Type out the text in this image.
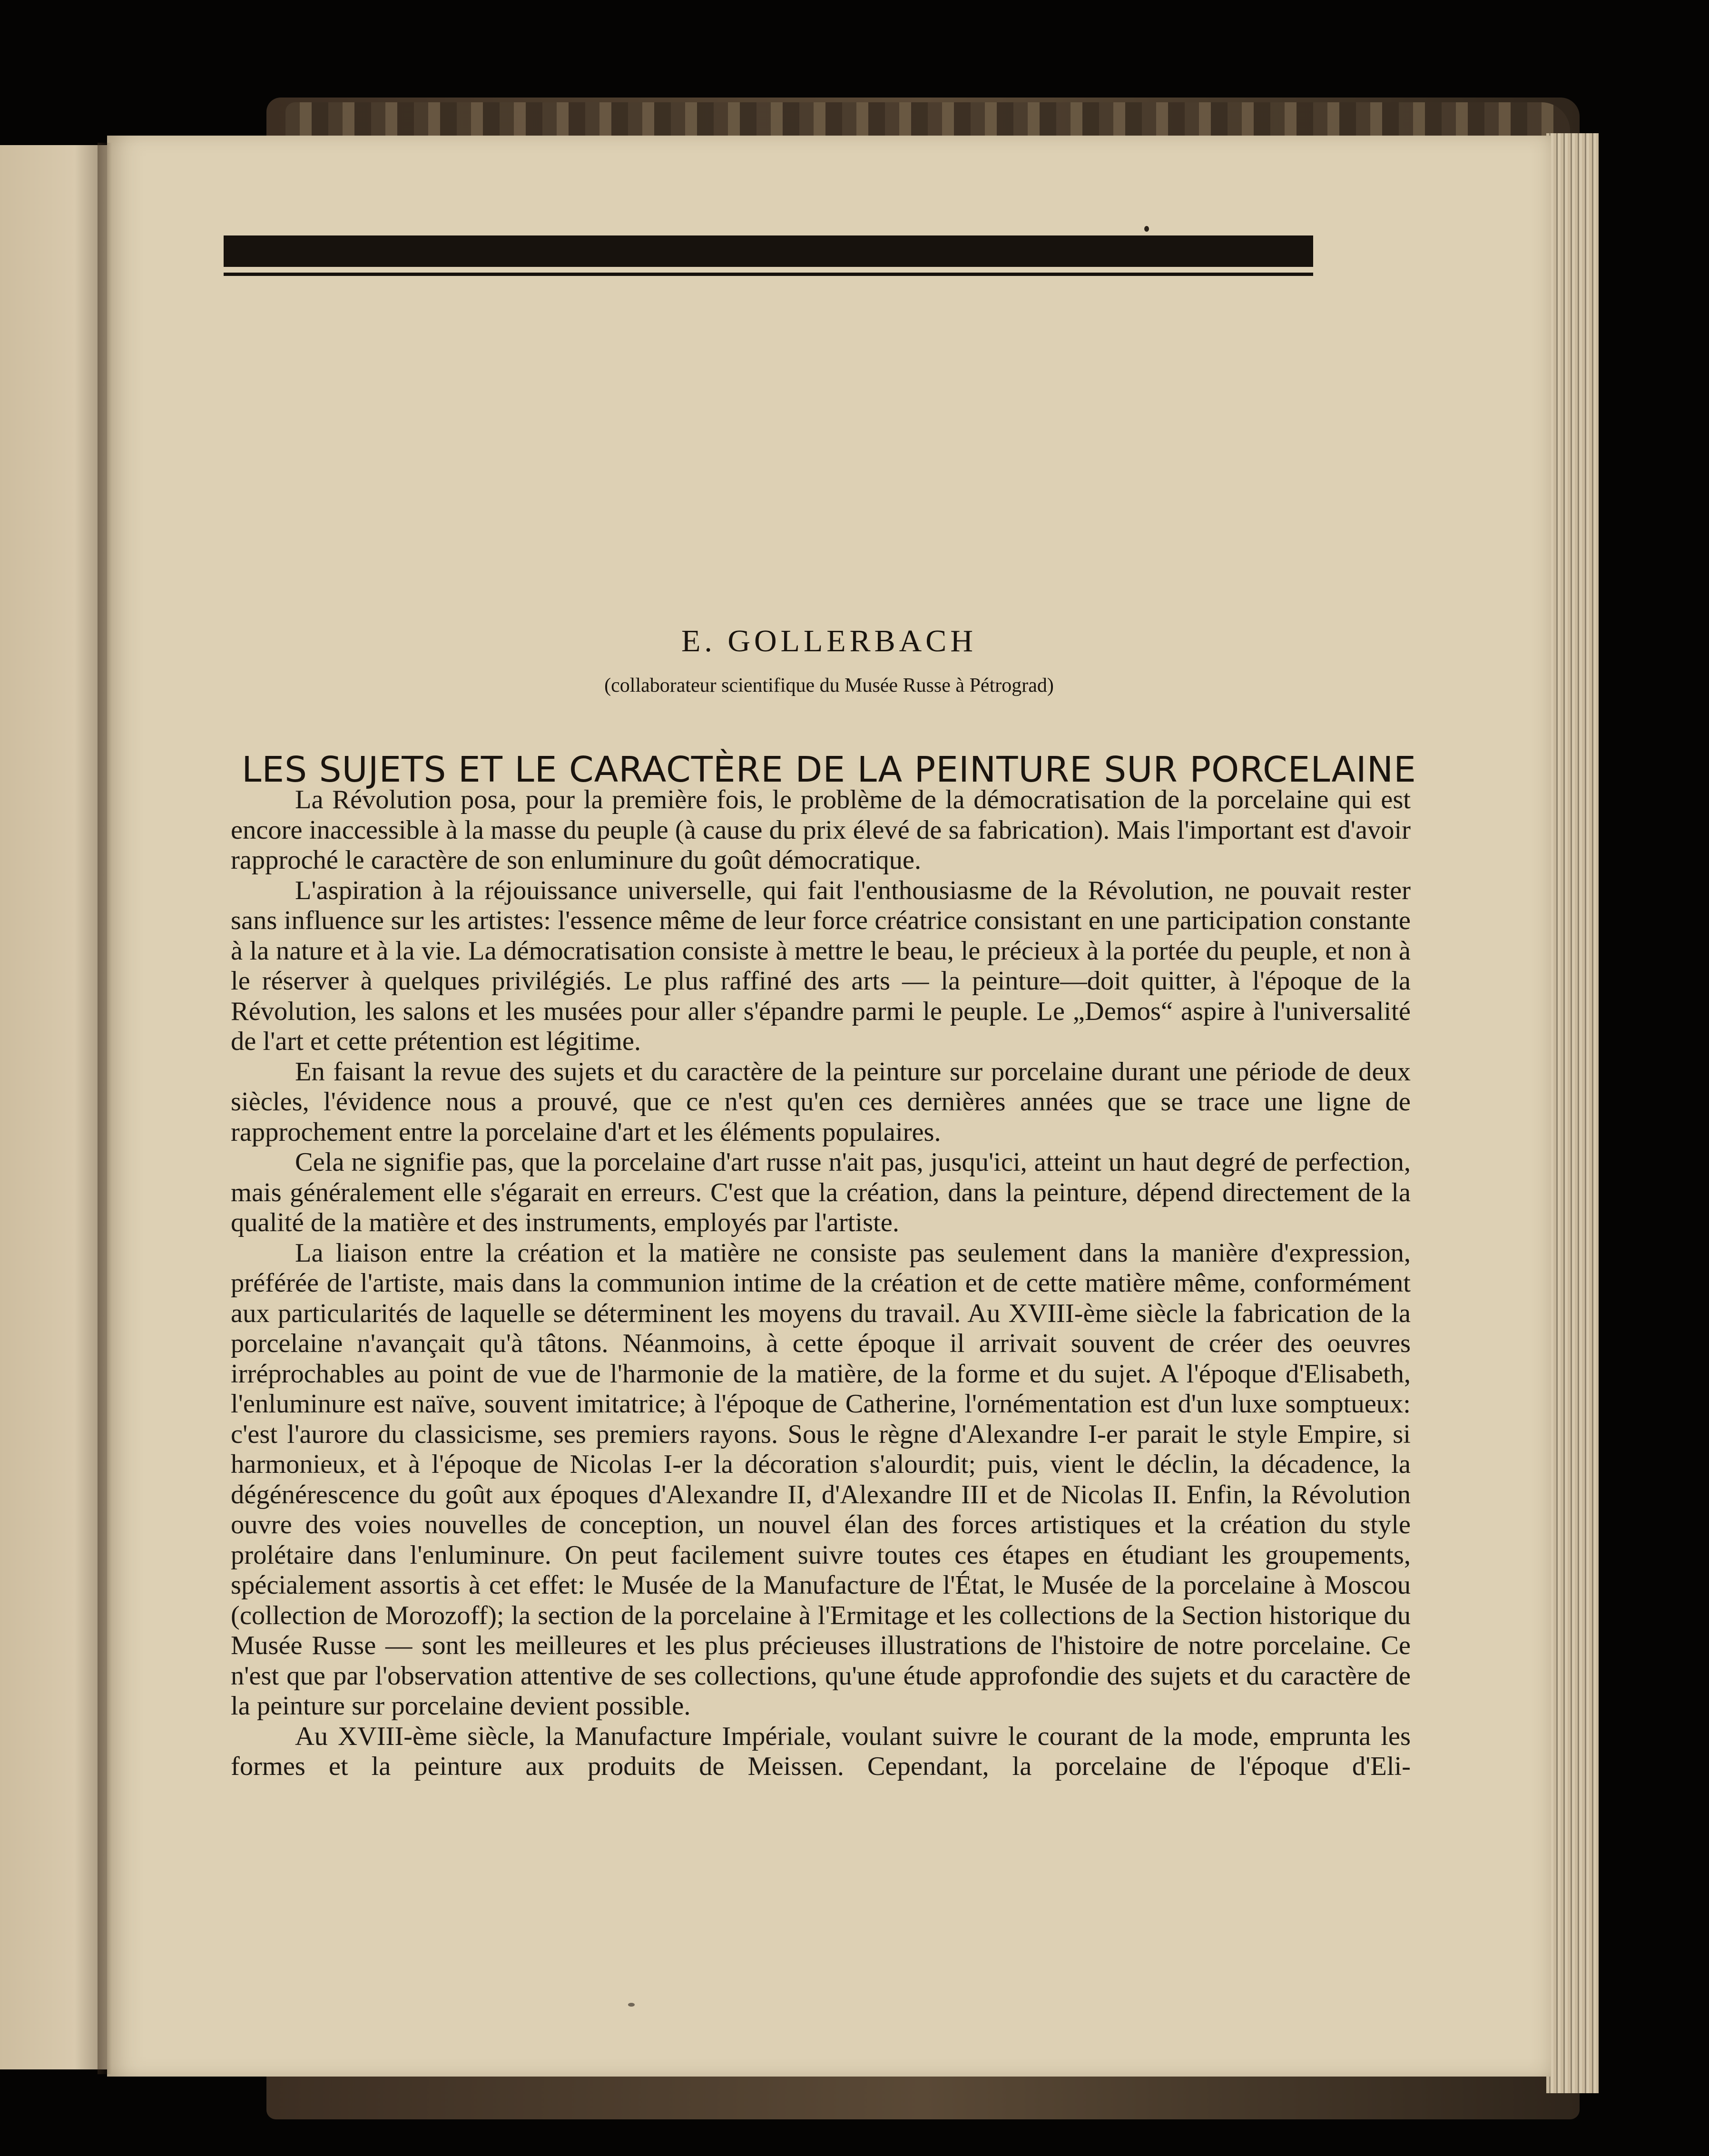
E. GOLLERBACH
(collaborateur scientifique du Musée Russe à Pétrograd)
LES SUJETS ET LE CARACTÈRE DE LA PEINTURE SUR PORCELAINE

La Révolution posa, pour la première fois, le problème de la démocratisation de la porcelaine qui est encore inaccessible à la masse du peuple (à cause du prix élevé de sa fabrication). Mais l'important est d'avoir rapproché le caractère de son enluminure du goût démocratique.

L'aspiration à la réjouissance universelle, qui fait l'enthousiasme de la Révolution, ne pouvait rester sans influence sur les artistes: l'essence même de leur force créatrice consistant en une participation constante à la nature et à la vie. La démocratisation consiste à mettre le beau, le précieux à la portée du peuple, et non à le réserver à quelques privilégiés. Le plus raffiné des arts — la peinture—doit quitter, à l'époque de la Révolution, les salons et les musées pour aller s'épandre parmi le peuple. Le „Demos“ aspire à l'universalité de l'art et cette prétention est légitime.

En faisant la revue des sujets et du caractère de la peinture sur porcelaine durant une période de deux siècles, l'évidence nous a prouvé, que ce n'est qu'en ces dernières années que se trace une ligne de rapprochement entre la porcelaine d'art et les éléments populaires.

Cela ne signifie pas, que la porcelaine d'art russe n'ait pas, jusqu'ici, atteint un haut degré de perfection, mais généralement elle s'égarait en erreurs. C'est que la création, dans la peinture, dépend directement de la qualité de la matière et des instruments, employés par l'artiste.

La liaison entre la création et la matière ne consiste pas seulement dans la manière d'expression, préférée de l'artiste, mais dans la communion intime de la création et de cette matière même, conformément aux particularités de laquelle se déterminent les moyens du travail. Au XVIII-ème siècle la fabrication de la porcelaine n'avançait qu'à tâtons. Néanmoins, à cette époque il arrivait souvent de créer des oeuvres irréprochables au point de vue de l'harmonie de la matière, de la forme et du sujet. A l'époque d'Elisabeth, l'enluminure est naïve, souvent imitatrice; à l'époque de Catherine, l'ornémentation est d'un luxe somptueux: c'est l'aurore du classicisme, ses premiers rayons. Sous le règne d'Alexandre I-er parait le style Empire, si harmonieux, et à l'époque de Nicolas I-er la décoration s'alourdit; puis, vient le déclin, la décadence, la dégénérescence du goût aux époques d'Alexandre II, d'Alexandre III et de Nicolas II. Enfin, la Révolution ouvre des voies nouvelles de conception, un nouvel élan des forces artistiques et la création du style prolétaire dans l'enluminure. On peut facilement suivre toutes ces étapes en étudiant les groupements, spécialement assortis à cet effet: le Musée de la Manufacture de l'État, le Musée de la porcelaine à Moscou (collection de Morozoff); la section de la porcelaine à l'Ermitage et les collections de la Section historique du Musée Russe — sont les meilleures et les plus précieuses illustrations de l'histoire de notre porcelaine. Ce n'est que par l'observation attentive de ses collections, qu'une étude approfondie des sujets et du caractère de la peinture sur porcelaine devient possible.

Au XVIII-ème siècle, la Manufacture Impériale, voulant suivre le courant de la mode, emprunta les formes et la peinture aux produits de Meissen. Cependant, la porcelaine de l'époque d'Eli-
